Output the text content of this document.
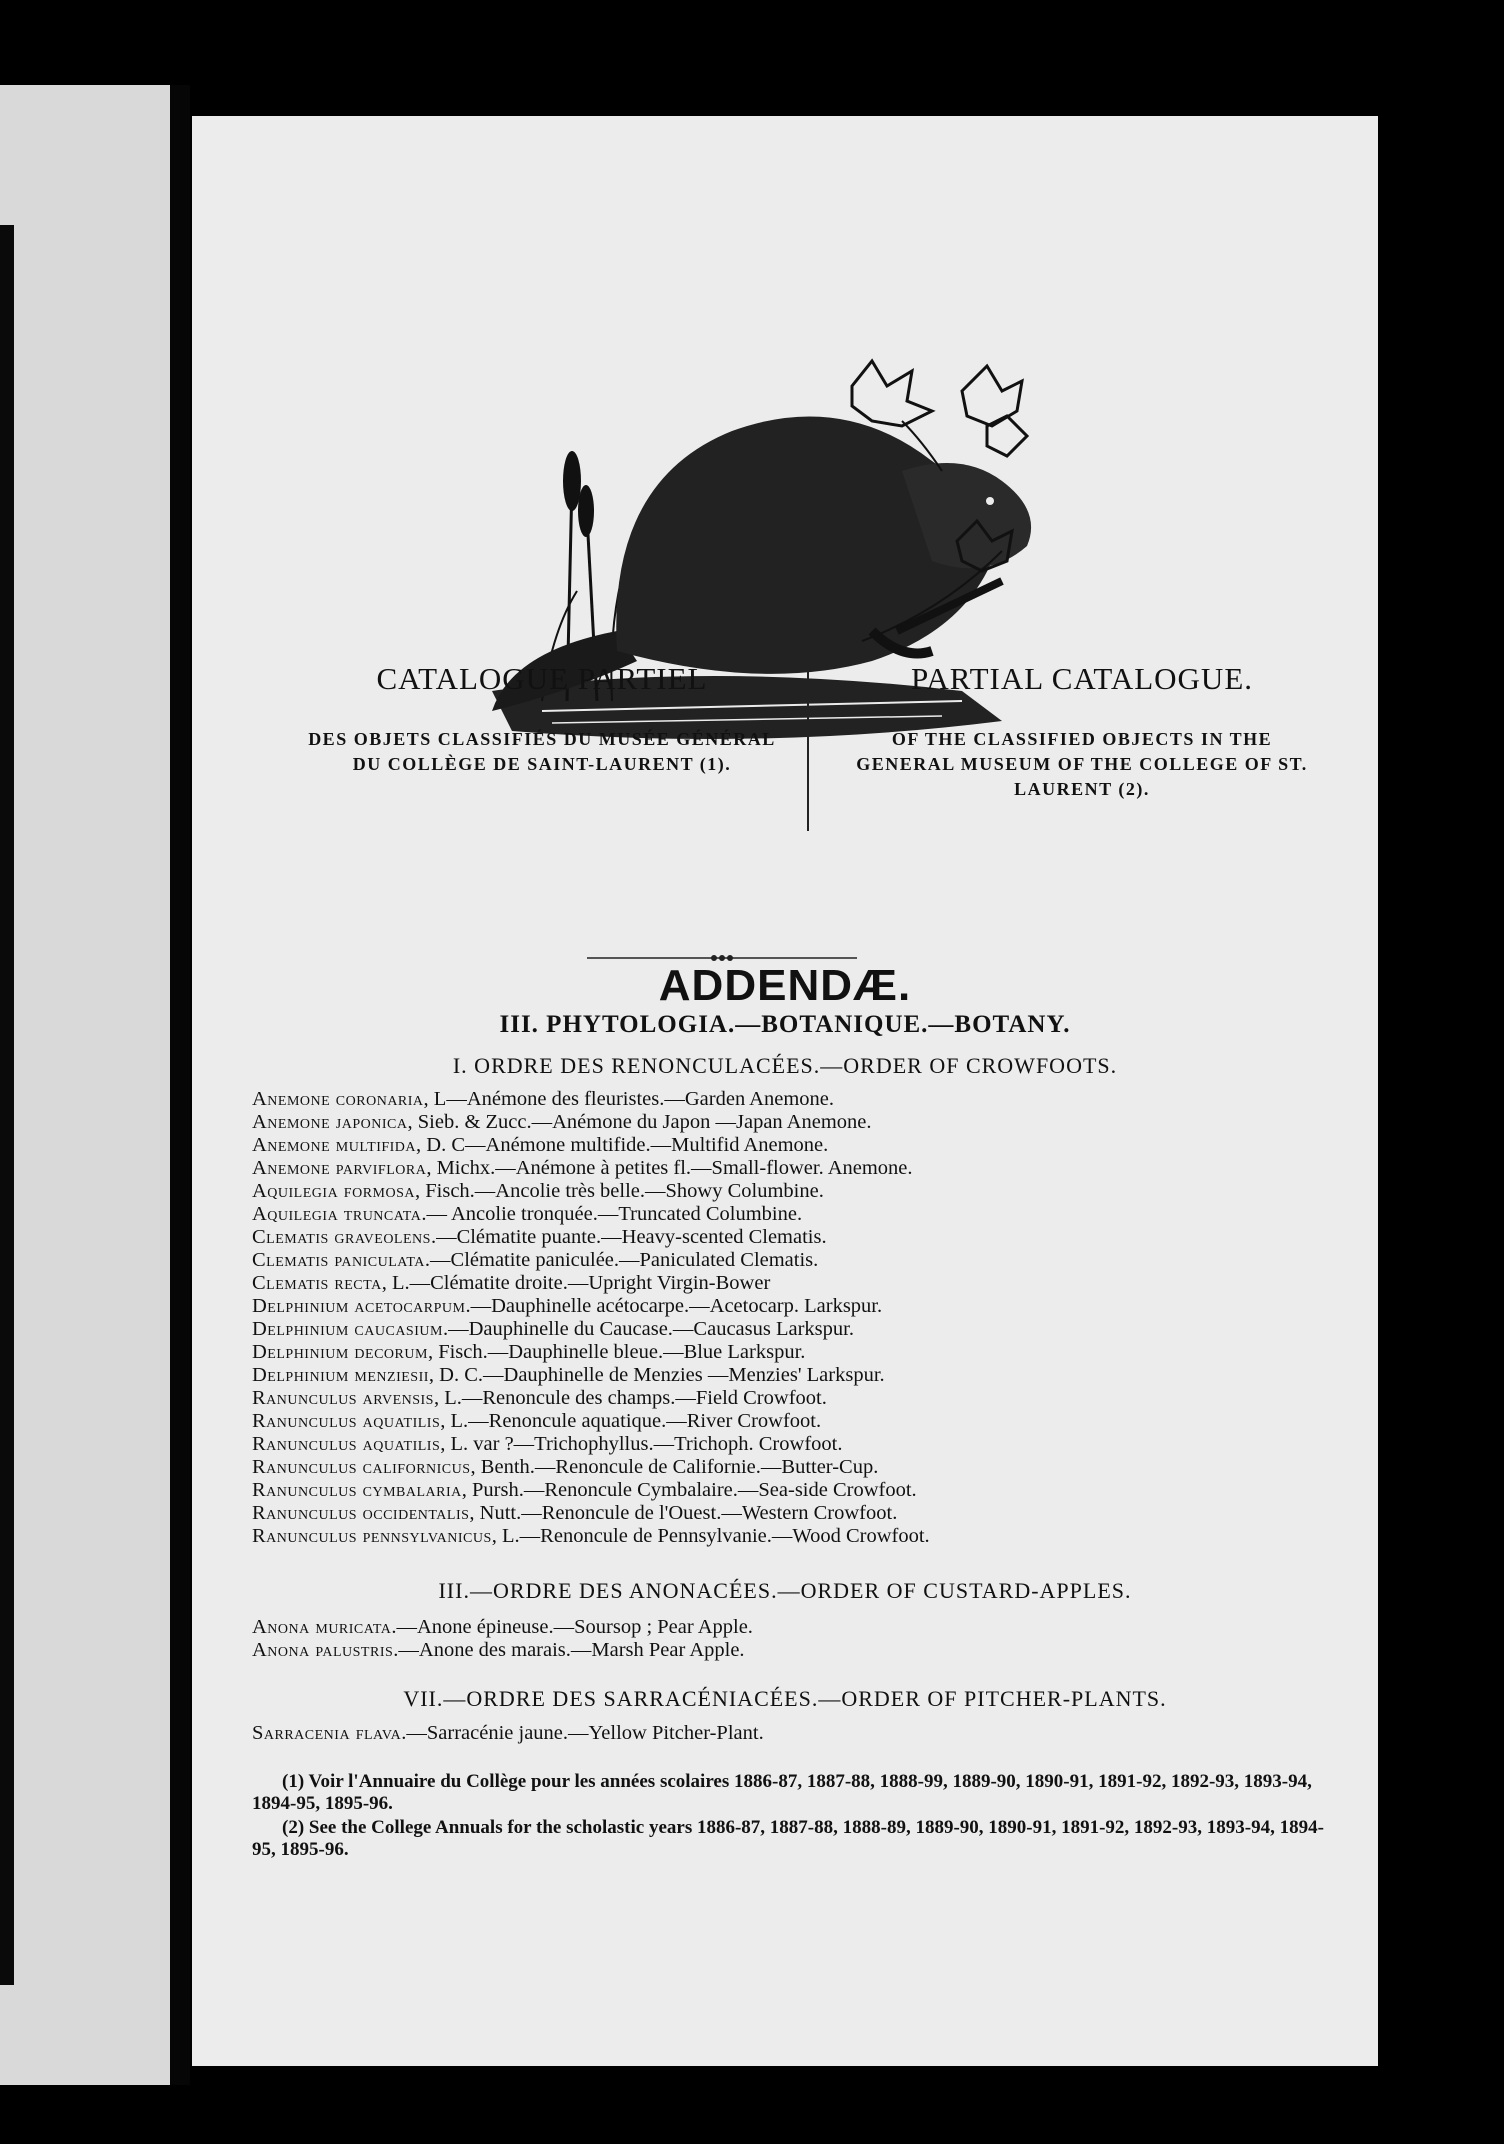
CATALOGUE PARTIEL
DES OBJETS CLASSIFIÉS DU MUSÉE GÉNÉRAL DU COLLÈGE DE SAINT-LAURENT (1).
PARTIAL CATALOGUE.
OF THE CLASSIFIED OBJECTS IN THE GENERAL MUSEUM OF THE COLLEGE OF ST. LAURENT (2).
ADDENDÆ.
III. PHYTOLOGIA.—BOTANIQUE.—BOTANY.
I. ORDRE DES RENONCULACÉES.—ORDER OF CROWFOOTS.
Anemone coronaria, L—Anémone des fleuristes.—Garden Anemone.
Anemone japonica, Sieb. & Zucc.—Anémone du Japon —Japan Anemone.
Anemone multifida, D. C—Anémone multifide.—Multifid Anemone.
Anemone parviflora, Michx.—Anémone à petites fl.—Small-flower. Anemone.
Aquilegia formosa, Fisch.—Ancolie très belle.—Showy Columbine.
Aquilegia truncata.— Ancolie tronquée.—Truncated Columbine.
Clematis graveolens.—Clématite puante.—Heavy-scented Clematis.
Clematis paniculata.—Clématite paniculée.—Paniculated Clematis.
Clematis recta, L.—Clématite droite.—Upright Virgin-Bower
Delphinium acetocarpum.—Dauphinelle acétocarpe.—Acetocarp. Larkspur.
Delphinium caucasium.—Dauphinelle du Caucase.—Caucasus Larkspur.
Delphinium decorum, Fisch.—Dauphinelle bleue.—Blue Larkspur.
Delphinium menziesii, D. C.—Dauphinelle de Menzies —Menzies' Larkspur.
Ranunculus arvensis, L.—Renoncule des champs.—Field Crowfoot.
Ranunculus aquatilis, L.—Renoncule aquatique.—River Crowfoot.
Ranunculus aquatilis, L. var ?—Trichophyllus.—Trichoph. Crowfoot.
Ranunculus californicus, Benth.—Renoncule de Californie.—Butter-Cup.
Ranunculus cymbalaria, Pursh.—Renoncule Cymbalaire.—Sea-side Crowfoot.
Ranunculus occidentalis, Nutt.—Renoncule de l'Ouest.—Western Crowfoot.
Ranunculus pennsylvanicus, L.—Renoncule de Pennsylvanie.—Wood Crowfoot.
III.—ORDRE DES ANONACÉES.—ORDER OF CUSTARD-APPLES.
Anona muricata.—Anone épineuse.—Soursop ; Pear Apple.
Anona palustris.—Anone des marais.—Marsh Pear Apple.
VII.—ORDRE DES SARRACÉNIACÉES.—ORDER OF PITCHER-PLANTS.
Sarracenia flava.—Sarracénie jaune.—Yellow Pitcher-Plant.

(1) Voir l'Annuaire du Collège pour les années scolaires 1886-87, 1887-88, 1888-99, 1889-90, 1890-91, 1891-92, 1892-93, 1893-94, 1894-95, 1895-96.

(2) See the College Annuals for the scholastic years 1886-87, 1887-88, 1888-89, 1889-90, 1890-91, 1891-92, 1892-93, 1893-94, 1894-95, 1895-96.
